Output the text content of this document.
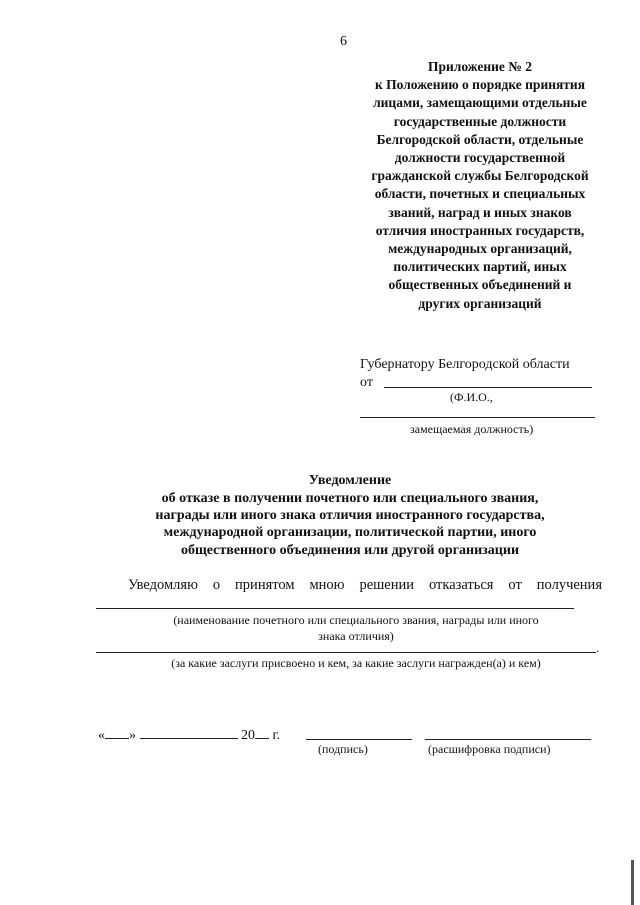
6
Приложение № 2
к Положению о порядке принятия
лицами, замещающими отдельные
государственные должности
Белгородской области, отдельные
должности государственной
гражданской службы Белгородской
области, почетных и специальных
званий, наград и иных знаков
отличия иностранных государств,
международных организаций,
политических партий, иных
общественных объединений и
других организаций
Губернатору Белгородской области
от
(Ф.И.О.,
замещаемая должность)
Уведомление
об отказе в получении почетного или специального звания,
награды или иного знака отличия иностранного государства,
международной организации, политической партии, иного
общественного объединения или другой организации
Уведомляю о принятом мною решении отказаться от получения
(наименование почетного или специального звания, награды или иного
знака отличия)
.
(за какие заслуги присвоено и кем, за какие заслуги награжден(а) и кем)
« »	20 г.
(подпись)	(расшифровка подписи)
